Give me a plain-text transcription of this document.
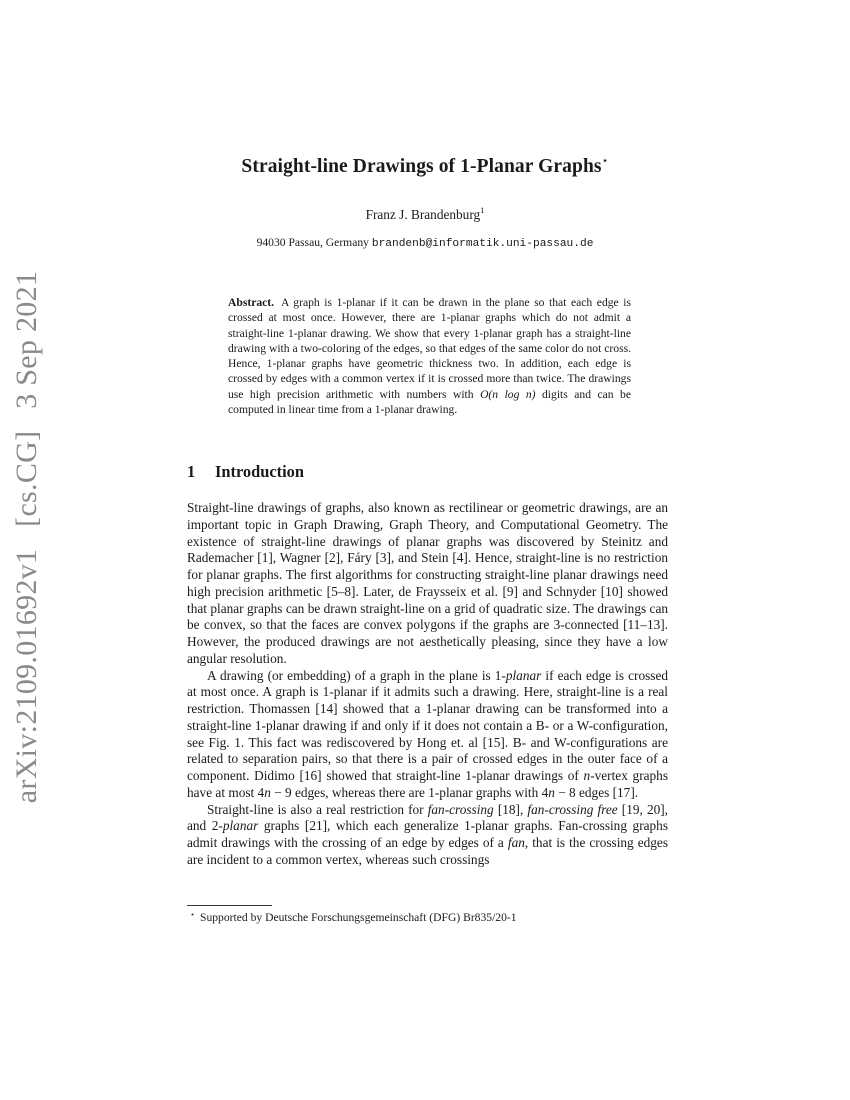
arXiv:2109.01692v1 [cs.CG] 3 Sep 2021
Straight-line Drawings of 1-Planar Graphs⋆
Franz J. Brandenburg$^1$
94030 Passau, Germany brandenb@informatik.uni-passau.de
Abstract. A graph is 1-planar if it can be drawn in the plane so that each edge is crossed at most once. However, there are 1-planar graphs which do not admit a straight-line 1-planar drawing. We show that every 1-planar graph has a straight-line drawing with a two-coloring of the edges, so that edges of the same color do not cross. Hence, 1-planar graphs have geometric thickness two. In addition, each edge is crossed by edges with a common vertex if it is crossed more than twice. The drawings use high precision arithmetic with numbers with O(n log n) digits and can be computed in linear time from a 1-planar drawing.
1 Introduction

Straight-line drawings of graphs, also known as rectilinear or geometric drawings, are an important topic in Graph Drawing, Graph Theory, and Computational Geometry. The existence of straight-line drawings of planar graphs was discovered by Steinitz and Rademacher [1], Wagner [2], Fáry [3], and Stein [4]. Hence, straight-line is no restriction for planar graphs. The first algorithms for constructing straight-line planar drawings need high precision arithmetic [5–8]. Later, de Fraysseix et al. [9] and Schnyder [10] showed that planar graphs can be drawn straight-line on a grid of quadratic size. The drawings can be convex, so that the faces are convex polygons if the graphs are 3-connected [11–13]. However, the produced drawings are not aesthetically pleasing, since they have a low angular resolution.

A drawing (or embedding) of a graph in the plane is 1-planar if each edge is crossed at most once. A graph is 1-planar if it admits such a drawing. Here, straight-line is a real restriction. Thomassen [14] showed that a 1-planar drawing can be transformed into a straight-line 1-planar drawing if and only if it does not contain a B- or a W-configuration, see Fig. 1. This fact was rediscovered by Hong et. al [15]. B- and W-configurations are related to separation pairs, so that there is a pair of crossed edges in the outer face of a component. Didimo [16] showed that straight-line 1-planar drawings of n-vertex graphs have at most 4n − 9 edges, whereas there are 1-planar graphs with 4n − 8 edges [17].

Straight-line is also a real restriction for fan-crossing [18], fan-crossing free [19, 20], and 2-planar graphs [21], which each generalize 1-planar graphs. Fan-crossing graphs admit drawings with the crossing of an edge by edges of a fan, that is the crossing edges are incident to a common vertex, whereas such crossings

⋆ Supported by Deutsche Forschungsgemeinschaft (DFG) Br835/20-1
